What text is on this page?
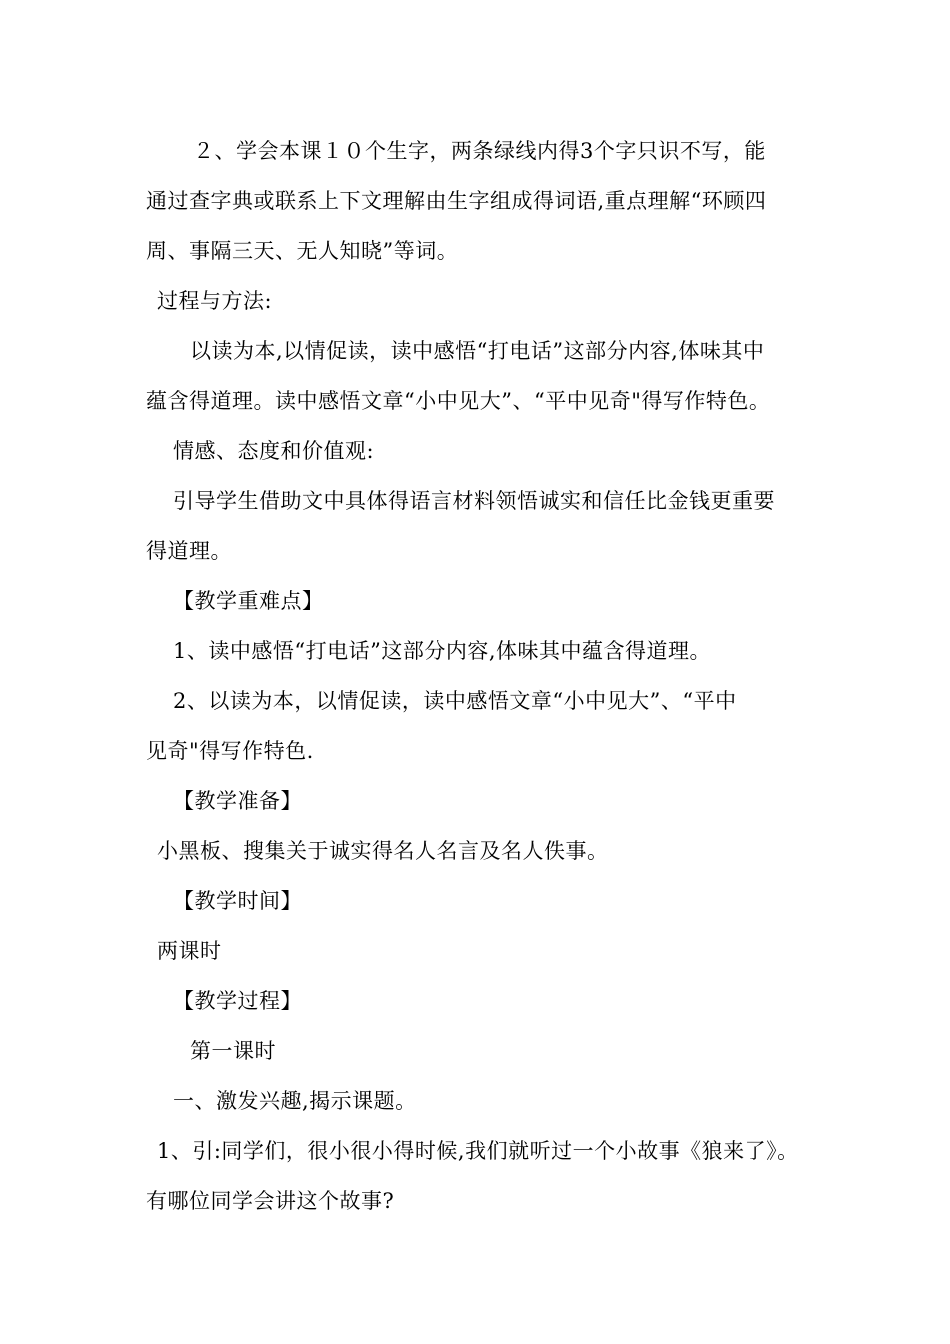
２、学会本课１０个生字，两条绿线内得3个字只识不写，能
通过查字典或联系上下文理解由生字组成得词语,重点理解“环顾四
周、事隔三天、无人知晓”等词。
过程与方法:
以读为本,以情促读，读中感悟“打电话”这部分内容,体味其中
蕴含得道理。读中感悟文章“小中见大”、“平中见奇"得写作特色。
情感、态度和价值观:
引导学生借助文中具体得语言材料领悟诚实和信任比金钱更重要
得道理。
【教学重难点】
1、读中感悟“打电话”这部分内容,体味其中蕴含得道理。
2、以读为本，以情促读，读中感悟文章“小中见大”、“平中
见奇"得写作特色.
【教学准备】
小黑板、搜集关于诚实得名人名言及名人佚事。
【教学时间】
两课时
【教学过程】
第一课时
一、激发兴趣,揭示课题。
1、引:同学们，很小很小得时候,我们就听过一个小故事《狼来了》。
有哪位同学会讲这个故事?
